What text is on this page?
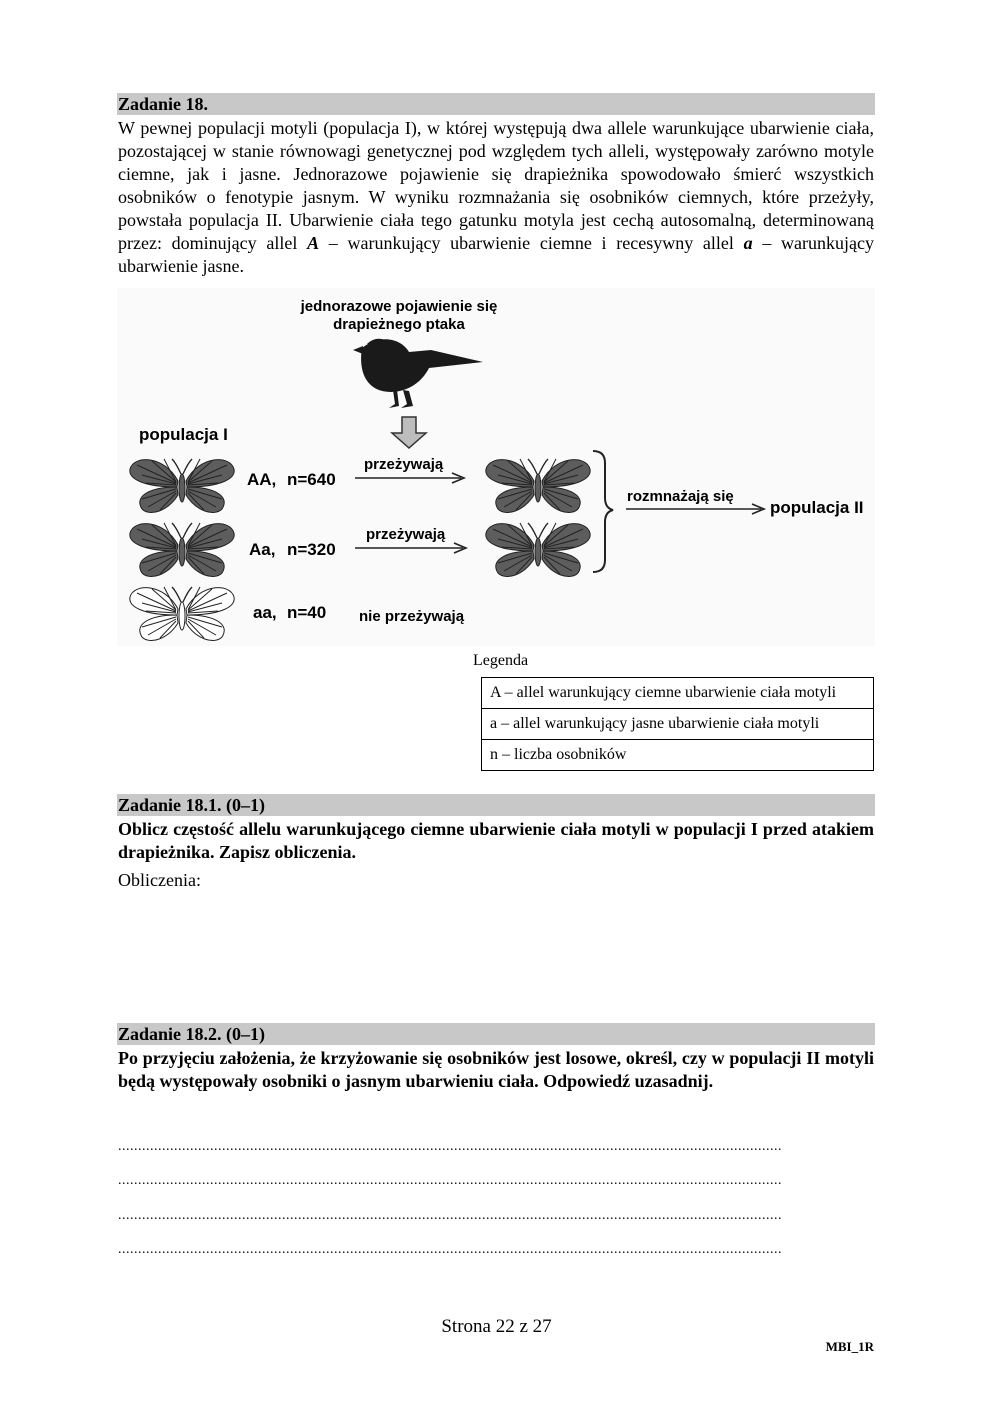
Zadanie 18.
W pewnej populacji motyli (populacja I), w której występują dwa allele warunkujące ubarwienie ciała, pozostającej w stanie równowagi genetycznej pod względem tych alleli, występowały zarówno motyle ciemne, jak i jasne. Jednorazowe pojawienie się drapieżnika spowodowało śmierć wszystkich osobników o fenotypie jasnym. W wyniku rozmnażania się osobników ciemnych, które przeżyły, powstała populacja II. Ubarwienie ciała tego gatunku motyla jest cechą autosomalną, determinowaną przez: dominujący allel A – warunkujący ubarwienie ciemne i recesywny allel a – warunkujący ubarwienie jasne.
jednorazowe pojawienie się
drapieżnego ptaka
populacja I
AA, n=640
Aa, n=320
aa, n=40
przeżywają
przeżywają
nie przeżywają
rozmnażają się
populacja II
Legenda
A – allel warunkujący ciemne ubarwienie ciała motyli
a – allel warunkujący jasne ubarwienie ciała motyli
n – liczba osobników
Zadanie 18.1. (0–1)
Oblicz częstość allelu warunkującego ciemne ubarwienie ciała motyli w populacji I przed atakiem drapieżnika. Zapisz obliczenia.
Obliczenia:
Zadanie 18.2. (0–1)
Po przyjęciu założenia, że krzyżowanie się osobników jest losowe, określ, czy w populacji II motyli będą występowały osobniki o jasnym ubarwieniu ciała. Odpowiedź uzasadnij.
......................................................................................................................................................................
......................................................................................................................................................................
......................................................................................................................................................................
......................................................................................................................................................................
Strona 22 z 27
MBI_1R
